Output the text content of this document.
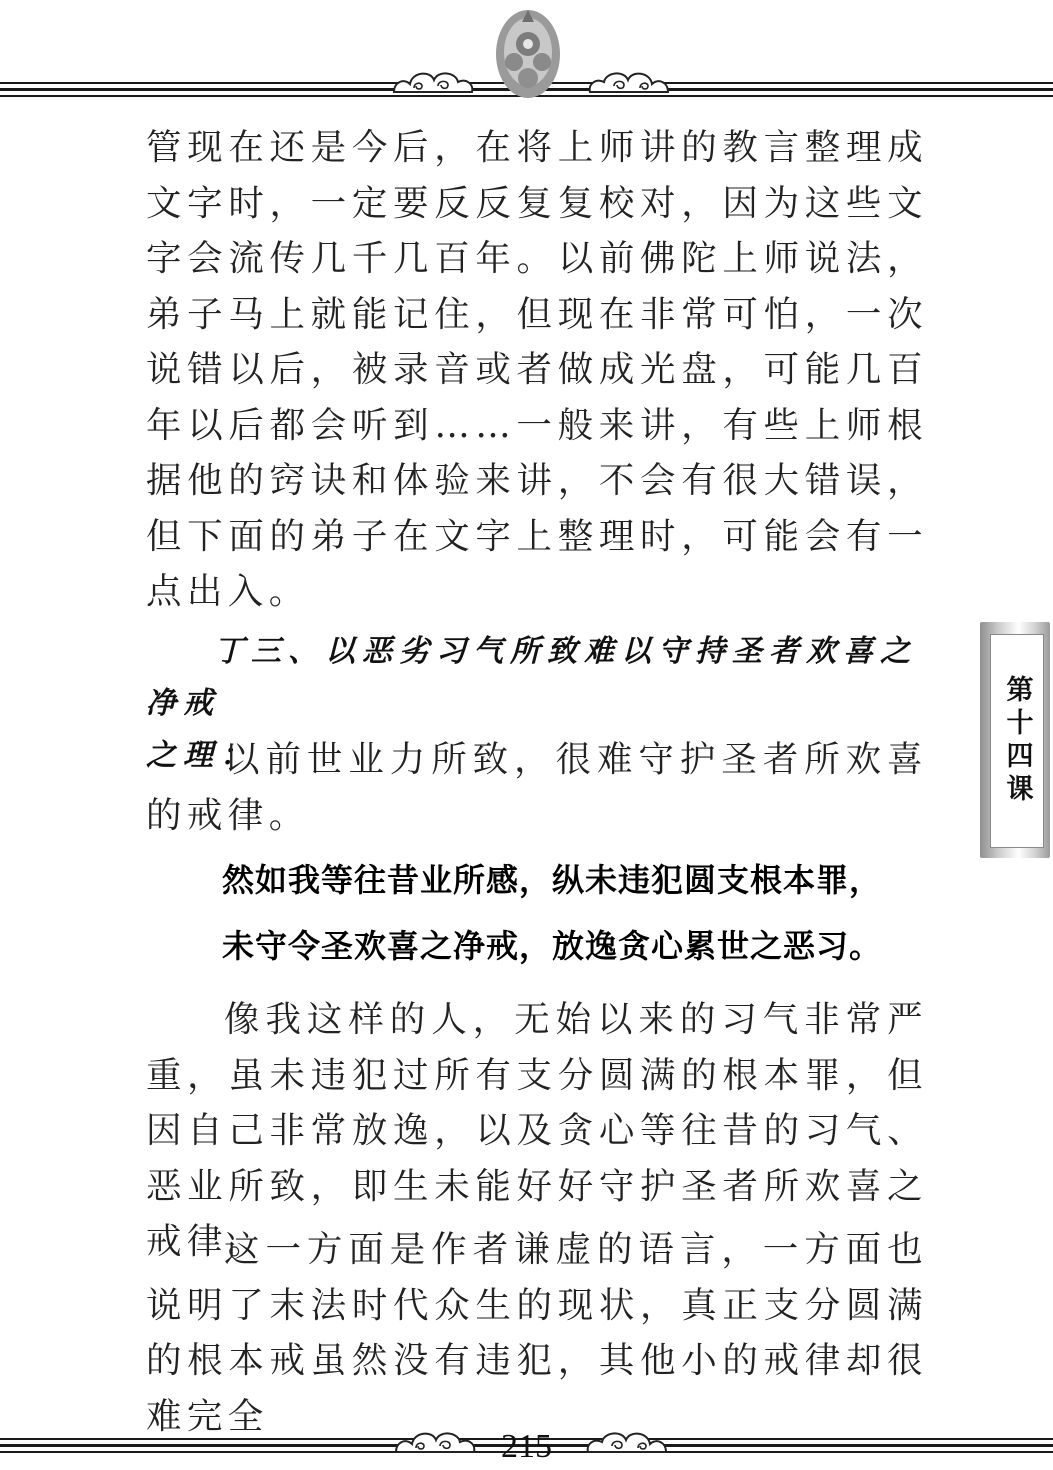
管现在还是今后，在将上师讲的教言整理成文字时，一定要反反复复校对，因为这些文字会流传几千几百年。以前佛陀上师说法，弟子马上就能记住，但现在非常可怕，一次说错以后，被录音或者做成光盘，可能几百年以后都会听到……一般来讲，有些上师根据他的窍诀和体验来讲，不会有很大错误，但下面的弟子在文字上整理时，可能会有一点出入。

丁三、以恶劣习气所致难以守持圣者欢喜之净戒
之理：

以前世业力所致，很难守护圣者所欢喜的戒律。

然如我等往昔业所感，纵未违犯圆支根本罪，

未守令圣欢喜之净戒，放逸贪心累世之恶习。

像我这样的人，无始以来的习气非常严重，虽未违犯过所有支分圆满的根本罪，但因自己非常放逸，以及贪心等往昔的习气、恶业所致，即生未能好好守护圣者所欢喜之戒律。

这一方面是作者谦虚的语言，一方面也说明了末法时代众生的现状，真正支分圆满的根本戒虽然没有违犯，其他小的戒律却很难完全

第十四课
215
